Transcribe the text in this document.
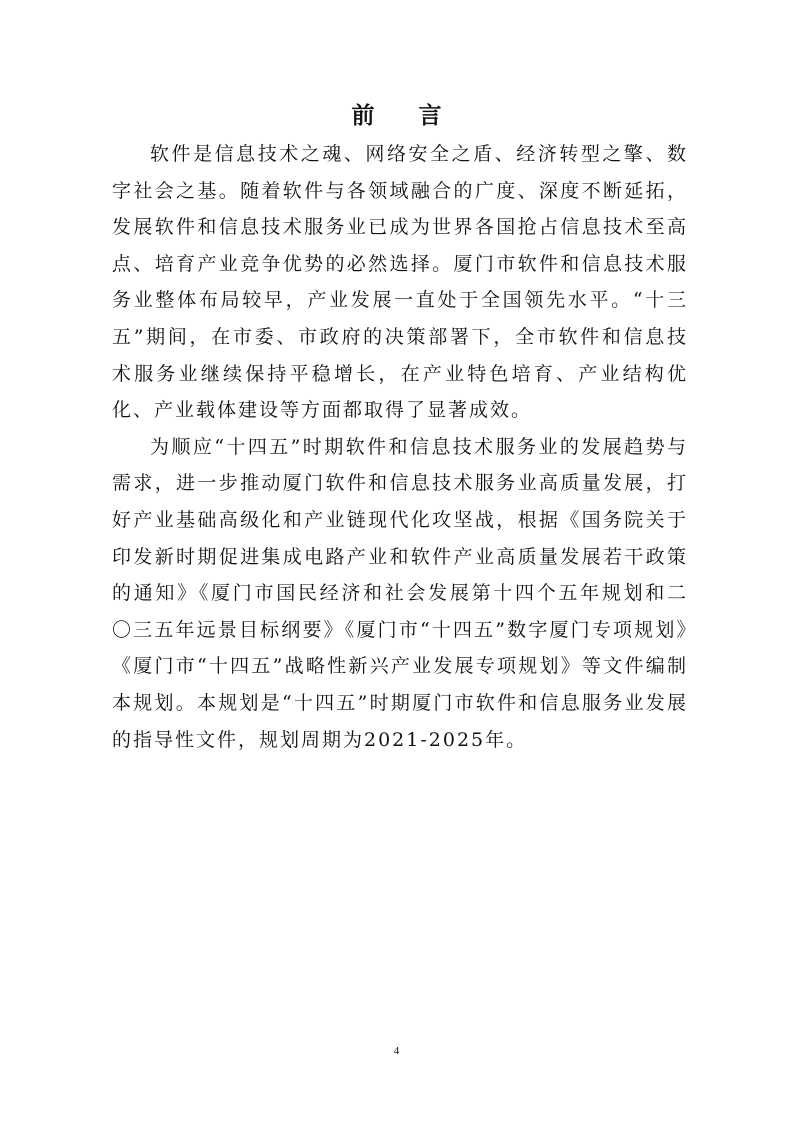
前 言

软件是信息技术之魂、网络安全之盾、经济转型之擎、数字社会之基。随着软件与各领域融合的广度、深度不断延拓，发展软件和信息技术服务业已成为世界各国抢占信息技术至高点、培育产业竞争优势的必然选择。厦门市软件和信息技术服务业整体布局较早，产业发展一直处于全国领先水平。“十三五”期间，在市委、市政府的决策部署下，全市软件和信息技术服务业继续保持平稳增长，在产业特色培育、产业结构优化、产业载体建设等方面都取得了显著成效。

为顺应“十四五”时期软件和信息技术服务业的发展趋势与需求，进一步推动厦门软件和信息技术服务业高质量发展，打好产业基础高级化和产业链现代化攻坚战，根据《国务院关于印发新时期促进集成电路产业和软件产业高质量发展若干政策的通知》《厦门市国民经济和社会发展第十四个五年规划和二〇三五年远景目标纲要》《厦门市“十四五”数字厦门专项规划》《厦门市“十四五”战略性新兴产业发展专项规划》等文件编制本规划。本规划是“十四五”时期厦门市软件和信息服务业发展的指导性文件，规划周期为2021-2025年。

4
